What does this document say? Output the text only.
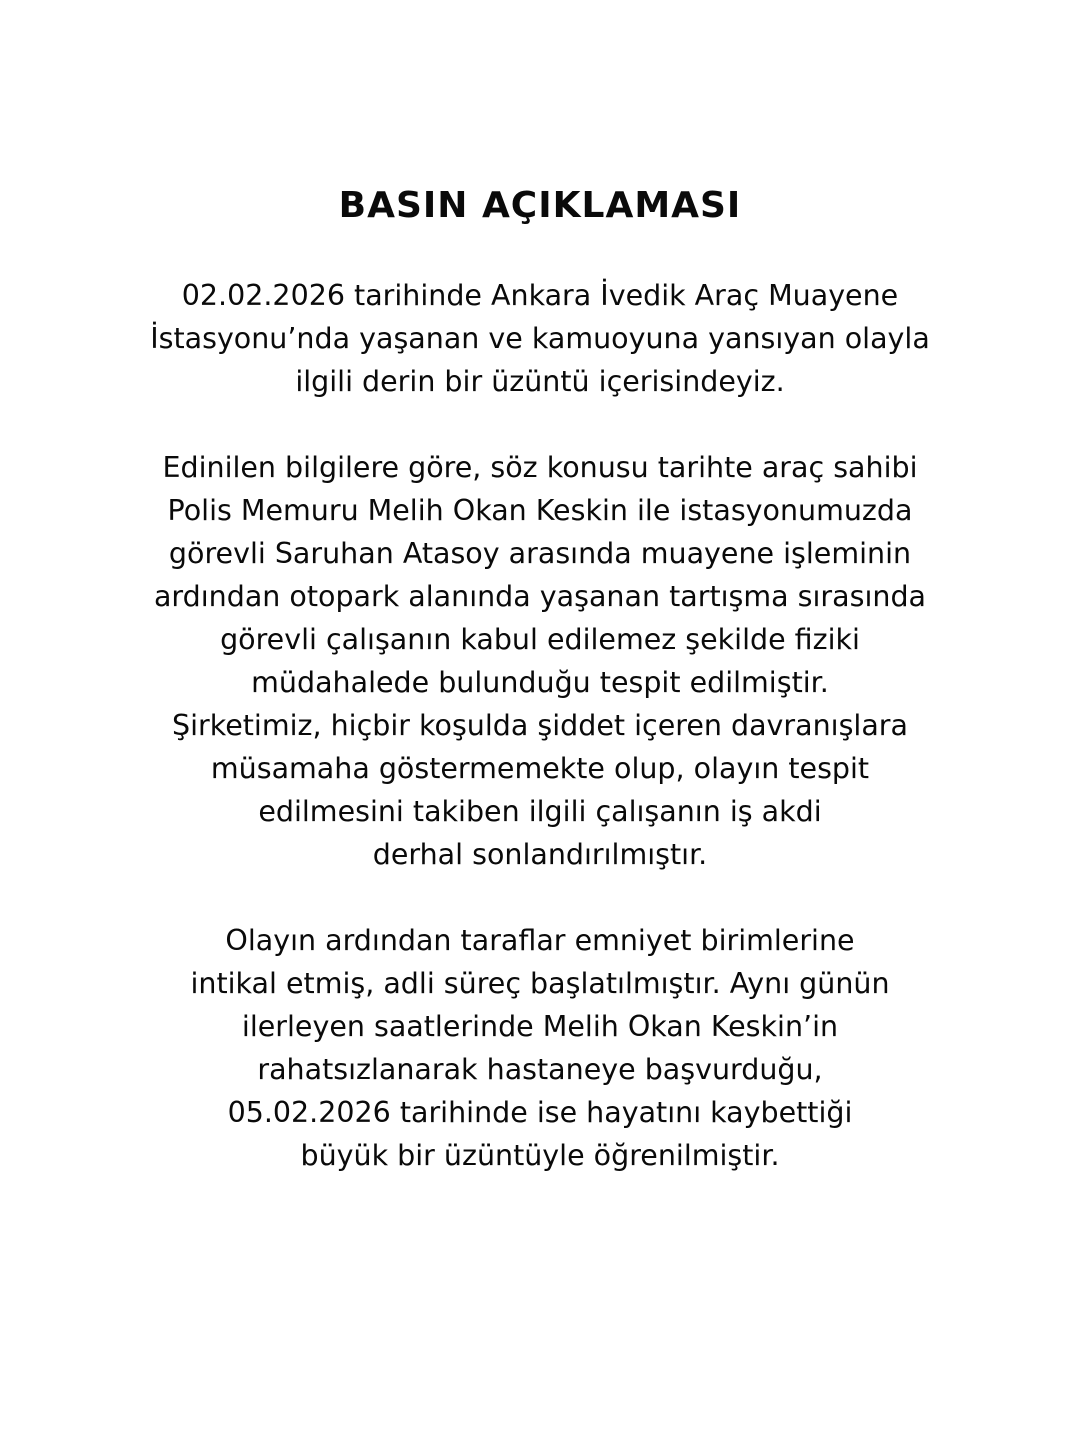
BASIN AÇIKLAMASI
02.02.2026 tarihinde Ankara İvedik Araç Muayene
İstasyonu’nda yaşanan ve kamuoyuna yansıyan olayla
ilgili derin bir üzüntü içerisindeyiz.
Edinilen bilgilere göre, söz konusu tarihte araç sahibi
Polis Memuru Melih Okan Keskin ile istasyonumuzda
görevli Saruhan Atasoy arasında muayene işleminin
ardından otopark alanında yaşanan tartışma sırasında
görevli çalışanın kabul edilemez şekilde fiziki
müdahalede bulunduğu tespit edilmiştir.
Şirketimiz, hiçbir koşulda şiddet içeren davranışlara
müsamaha göstermemekte olup, olayın tespit
edilmesini takiben ilgili çalışanın iş akdi
derhal sonlandırılmıştır.
Olayın ardından taraflar emniyet birimlerine
intikal etmiş, adli süreç başlatılmıştır. Aynı günün
ilerleyen saatlerinde Melih Okan Keskin’in
rahatsızlanarak hastaneye başvurduğu,
05.02.2026 tarihinde ise hayatını kaybettiği
büyük bir üzüntüyle öğrenilmiştir.
